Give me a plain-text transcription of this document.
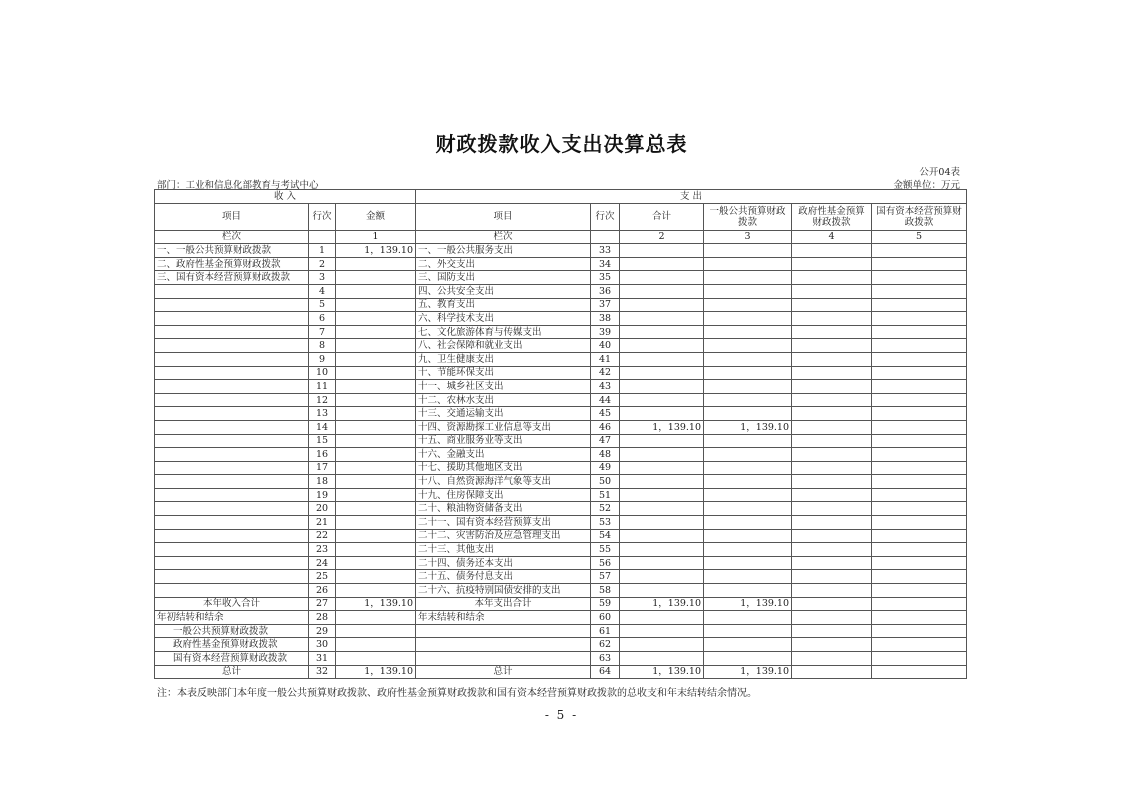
财政拨款收入支出决算总表
公开04表
部门：工业和信息化部教育与考试中心	金额单位：万元
收 入			支 出					
项目	行次	金额	项目	行次	合计	一般公共预算财政拨款	政府性基金预算财政拨款	国有资本经营预算财政拨款
栏次		1	栏次		2	3	4	5
一、一般公共预算财政拨款	1	1，139.10	一、一般公共服务支出	33				
二、政府性基金预算财政拨款	2		二、外交支出	34				
三、国有资本经营预算财政拨款	3		三、国防支出	35				
	4		四、公共安全支出	36				
	5		五、教育支出	37				
	6		六、科学技术支出	38				
	7		七、文化旅游体育与传媒支出	39				
	8		八、社会保障和就业支出	40				
	9		九、卫生健康支出	41				
	10		十、节能环保支出	42				
	11		十一、城乡社区支出	43				
	12		十二、农林水支出	44				
	13		十三、交通运输支出	45				
	14		十四、资源勘探工业信息等支出	46	1，139.10	1，139.10		
	15		十五、商业服务业等支出	47				
	16		十六、金融支出	48				
	17		十七、援助其他地区支出	49				
	18		十八、自然资源海洋气象等支出	50				
	19		十九、住房保障支出	51				
	20		二十、粮油物资储备支出	52				
	21		二十一、国有资本经营预算支出	53				
	22		二十二、灾害防治及应急管理支出	54				
	23		二十三、其他支出	55				
	24		二十四、债务还本支出	56				
	25		二十五、债务付息支出	57				
	26		二十六、抗疫特别国债安排的支出	58				
本年收入合计	27	1，139.10	本年支出合计	59	1，139.10	1，139.10		
年初结转和结余	28		年末结转和结余	60				
一般公共预算财政拨款	29			61				
政府性基金预算财政拨款	30			62				
国有资本经营预算财政拨款	31			63				
总计	32	1，139.10	总计	64	1，139.10	1，139.10		
注：本表反映部门本年度一般公共预算财政拨款、政府性基金预算财政拨款和国有资本经营预算财政拨款的总收支和年末结转结余情况。
- 5 -
